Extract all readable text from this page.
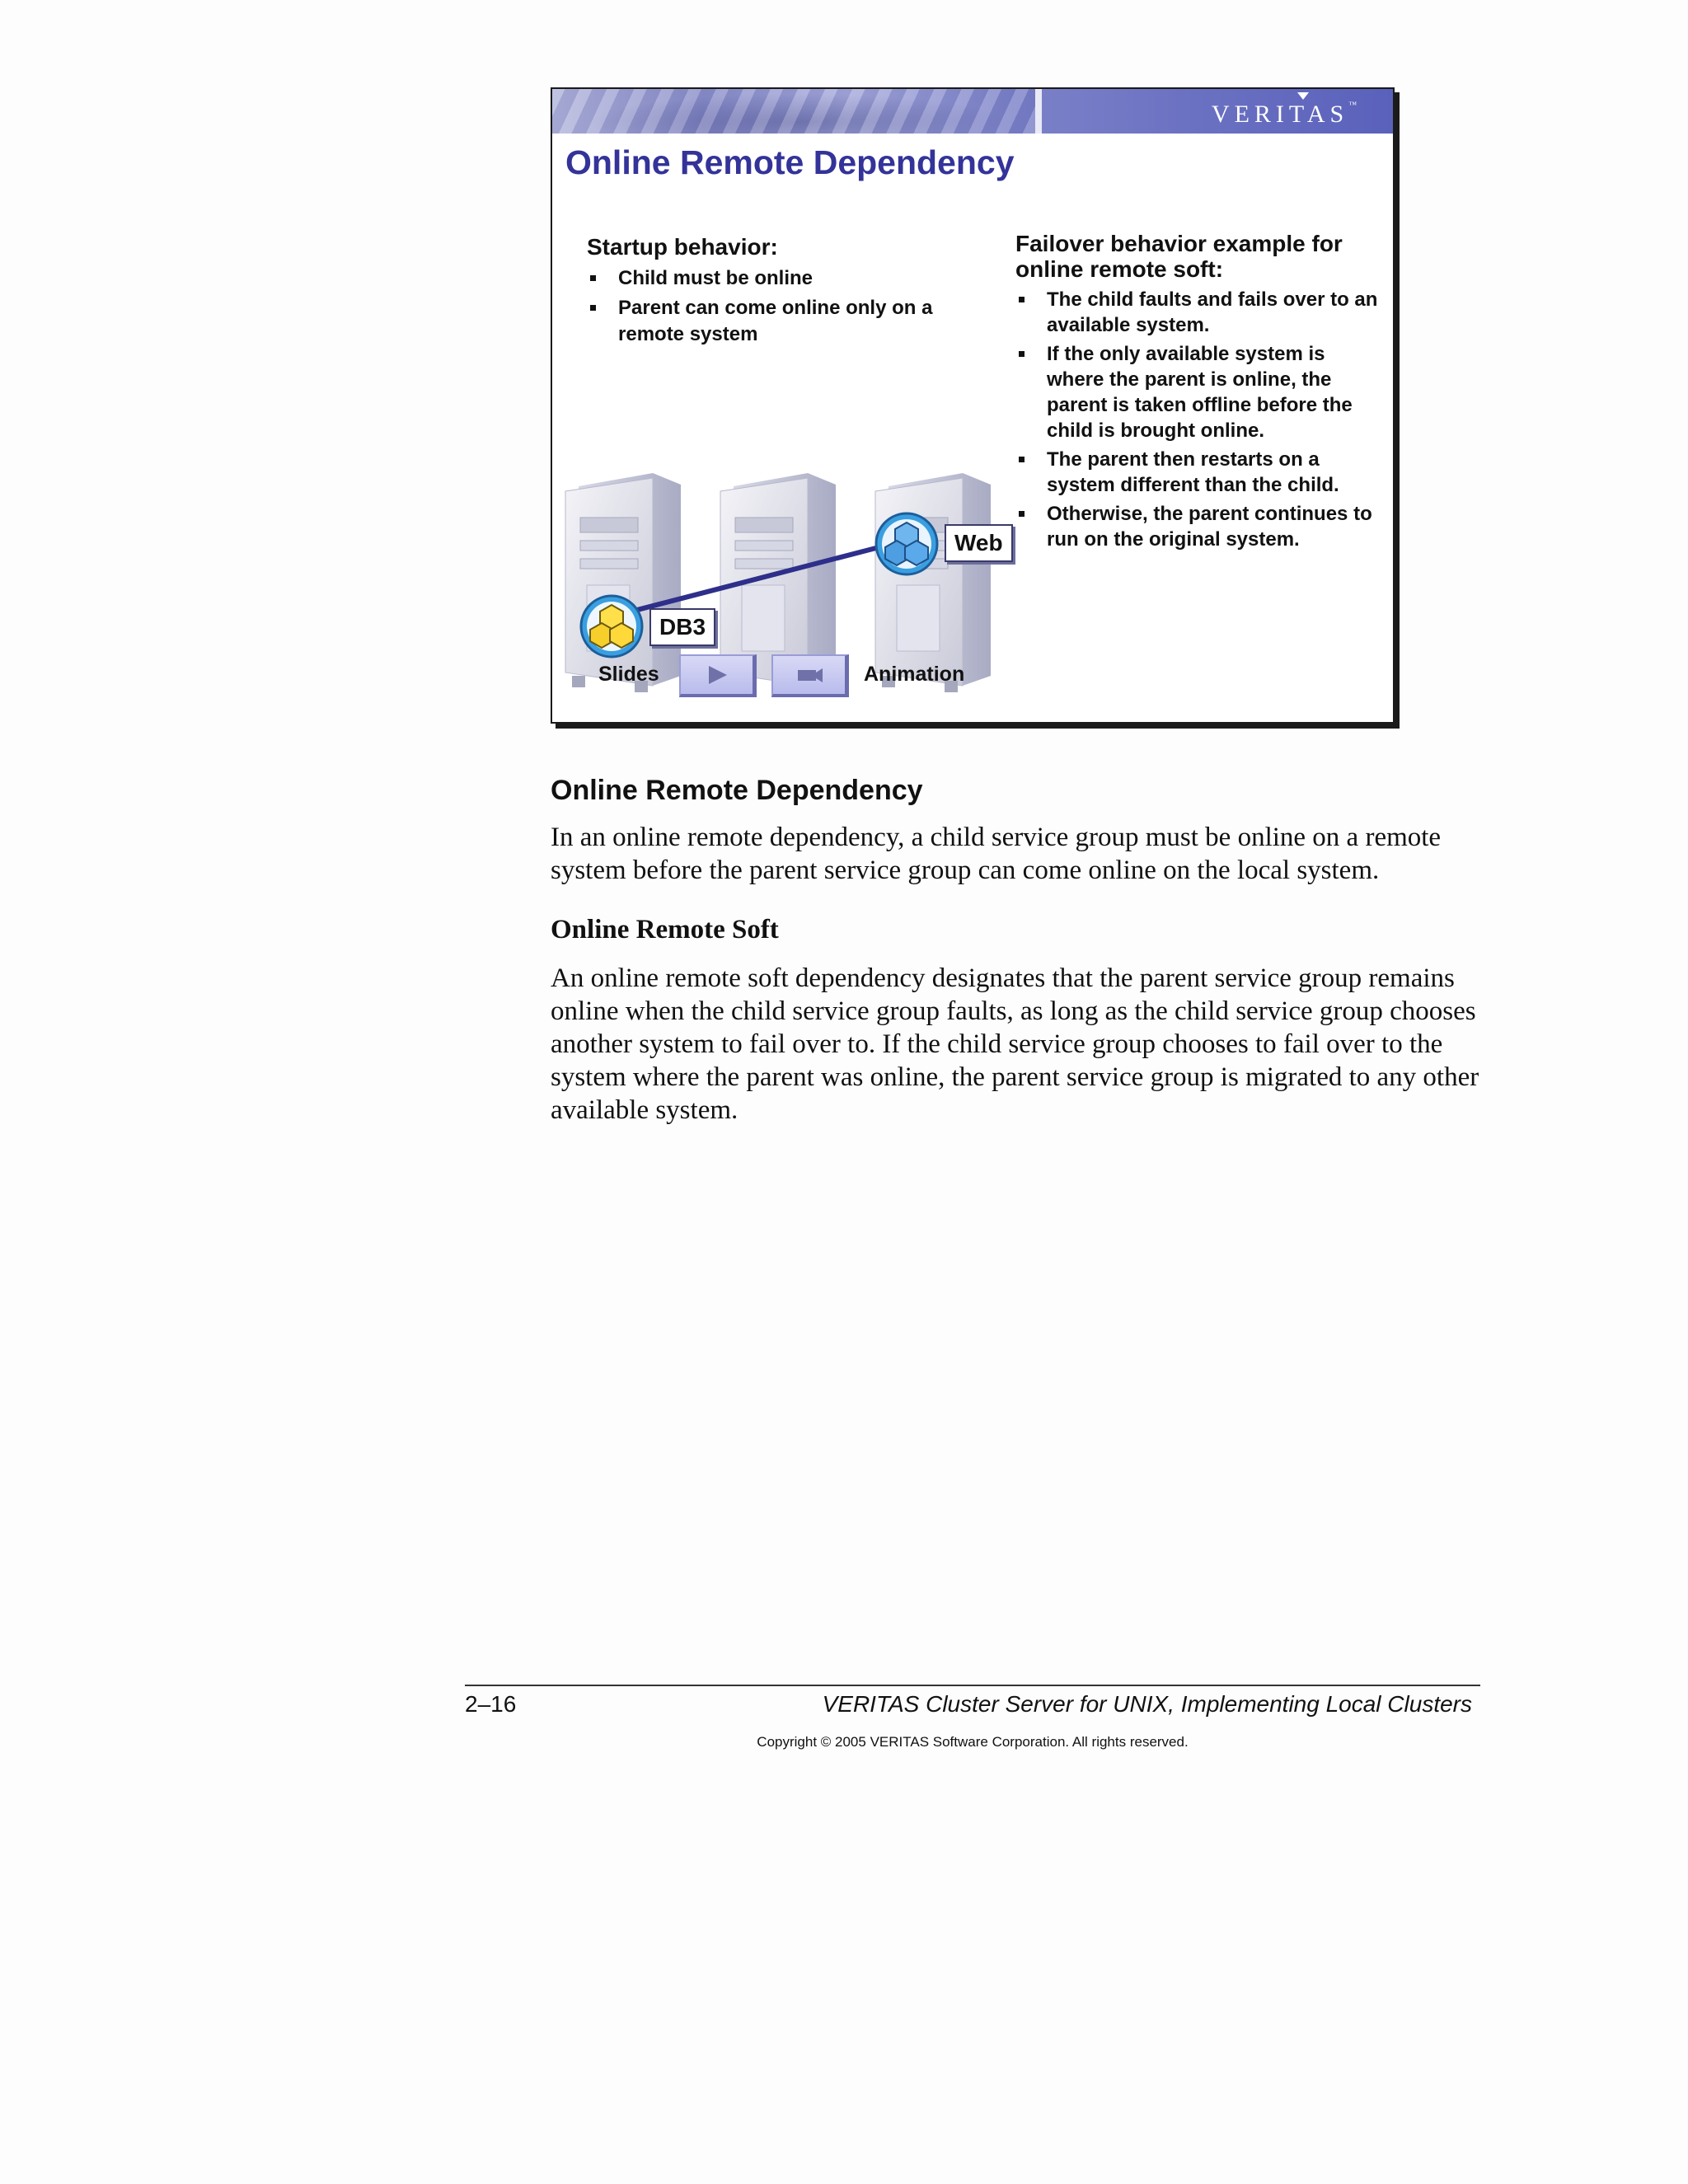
VERITAS™
Online Remote Dependency
Startup behavior:
Child must be online
Parent can come online only on a remote system
Failover behavior example for online remote soft:
The child faults and fails over to an available system.
If the only available system is where the parent is online, the parent is taken offline before the child is brought online.
The parent then restarts on a system different than the child.
Otherwise, the parent continues to run on the original system.
Web
DB3
Slides	Animation
Online Remote Dependency

In an online remote dependency, a child service group must be online on a remote system before the parent service group can come online on the local system.

Online Remote Soft

An online remote soft dependency designates that the parent service group remains online when the child service group faults, as long as the child service group chooses another system to fail over to. If the child service group chooses to fail over to the system where the parent was online, the parent service group is migrated to any other available system.

2–16	VERITAS Cluster Server for UNIX, Implementing Local Clusters
Copyright © 2005 VERITAS Software Corporation. All rights reserved.
